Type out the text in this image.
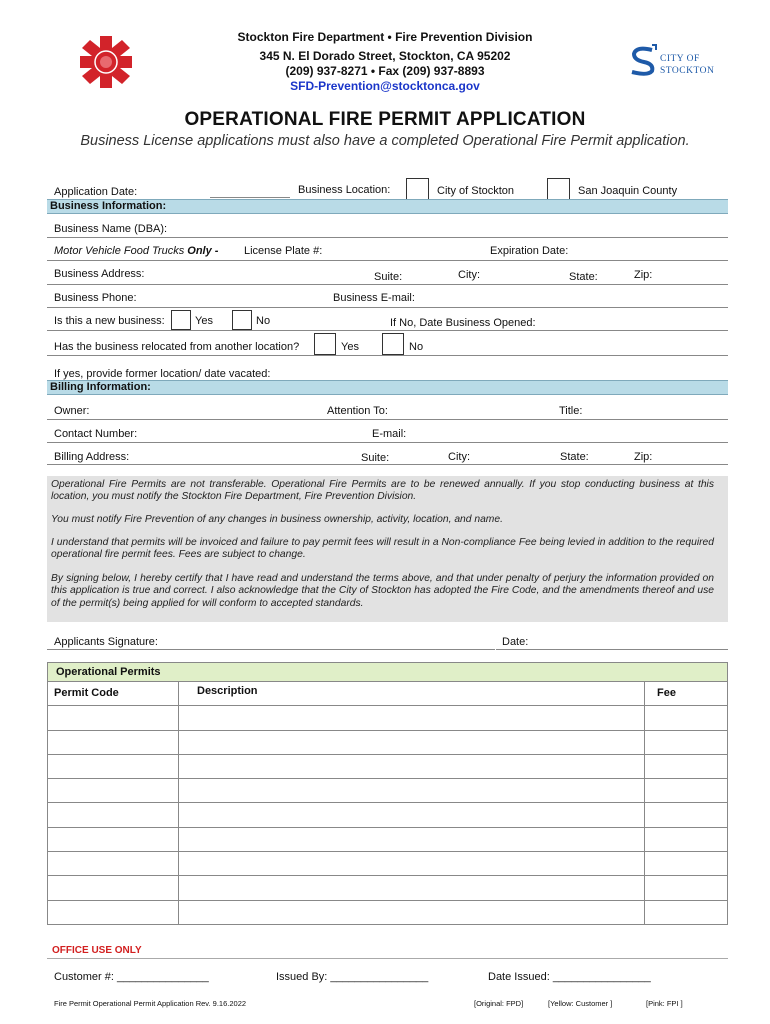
Stockton Fire Department • Fire Prevention Division
345 N. El Dorado Street, Stockton, CA 95202
(209) 937-8271 • Fax (209) 937-8893
SFD-Prevention@stocktonca.gov
CITY OF
STOCKTON
OPERATIONAL FIRE PERMIT APPLICATION
Business License applications must also have a completed Operational Fire Permit application.
Application Date:	Business Location:	City of Stockton	San Joaquin County
Business Information:
Business Name (DBA):
Motor Vehicle Food Trucks Only - License Plate #:	Expiration Date:
Business Address:	Suite:	City:	State:	Zip:
Business Phone:	Business E-mail:
Is this a new business:	Yes	No	If No, Date Business Opened:
Has the business relocated from another location?	Yes	No
If yes, provide former location/ date vacated:
Billing Information:
Owner:	Attention To:	Title:
Contact Number:	E-mail:
Billing Address:	Suite:	City:	State:	Zip:
Operational Fire Permits are not transferable. Operational Fire Permits are to be renewed annually. If you stop conducting business at this location, you must notify the Stockton Fire Department, Fire Prevention Division.
You must notify Fire Prevention of any changes in business ownership, activity, location, and name.
I understand that permits will be invoiced and failure to pay permit fees will result in a Non-compliance Fee being levied in addition to the required operational fire permit fees. Fees are subject to change.
By signing below, I hereby certify that I have read and understand the terms above, and that under penalty of perjury the information provided on this application is true and correct. I also acknowledge that the City of Stockton has adopted the Fire Code, and the amendments thereof and use of the permit(s) being applied for will conform to accepted standards.
Applicants Signature:	Date:
Operational Permits		
Permit Code	Description	Fee

OFFICE USE ONLY
Customer #: _______________	Issued By: ________________	Date Issued: ________________
Fire Permit Operational Permit Application Rev. 9.16.2022	[Original: FPD]	[Yellow: Customer ]	[Pink: FPI ]
